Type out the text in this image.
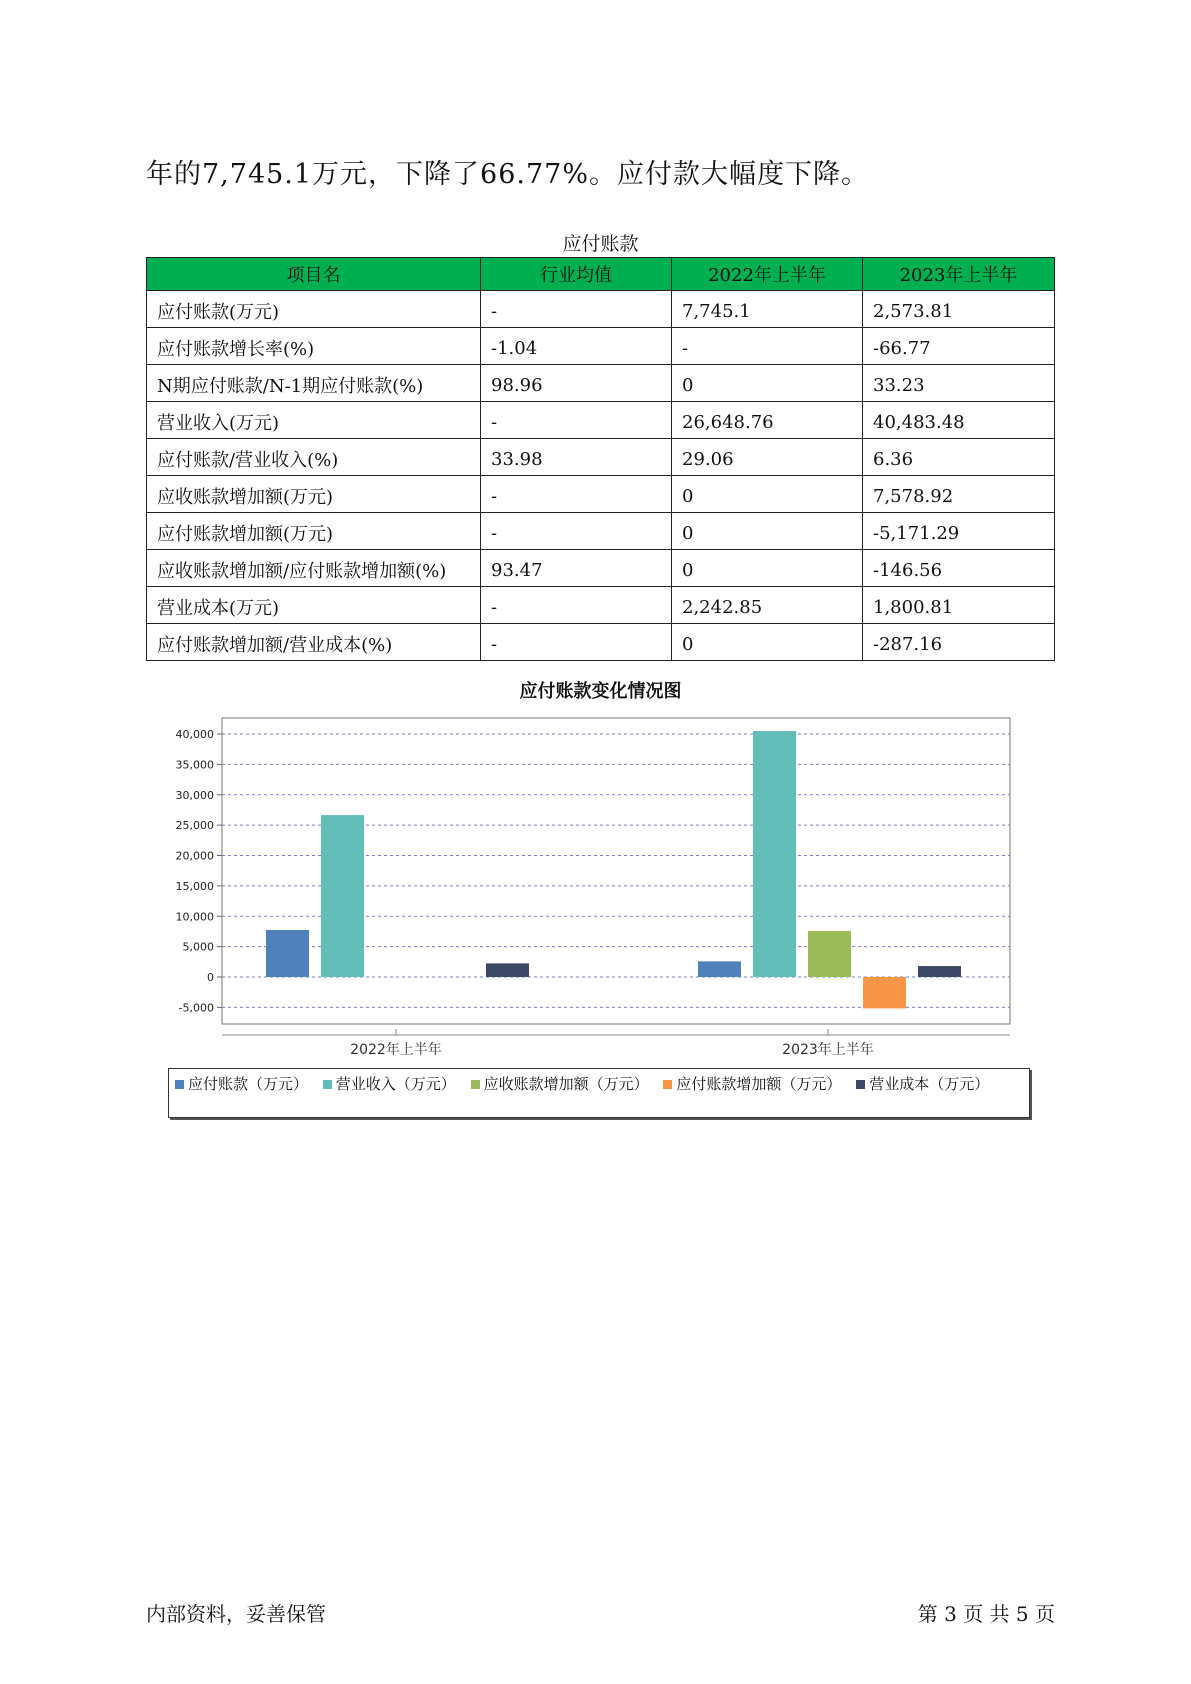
年的7,745.1万元，下降了66.77%。应付款大幅度下降。
应付账款
项目名	行业均值	2022年上半年	2023年上半年
应付账款(万元)	-	7,745.1	2,573.81
应付账款增长率(%)	-1.04	-	-66.77
N期应付账款/N-1期应付账款(%)	98.96	0	33.23
营业收入(万元)	-	26,648.76	40,483.48
应付账款/营业收入(%)	33.98	29.06	6.36
应收账款增加额(万元)	-	0	7,578.92
应付账款增加额(万元)	-	0	-5,171.29
应收账款增加额/应付账款增加额(%)	93.47	0	-146.56
营业成本(万元)	-	2,242.85	1,800.81
应付账款增加额/营业成本(%)	-	0	-287.16
应付账款变化情况图
40,000
35,000
30,000
25,000
20,000
15,000
10,000
5,000
0
-5,000
2022年上半年	2023年上半年
应付账款（万元） 营业收入（万元） 应收账款增加额（万元） 应付账款增加额（万元） 营业成本（万元）
内部资料，妥善保管	第 3 页 共 5 页
